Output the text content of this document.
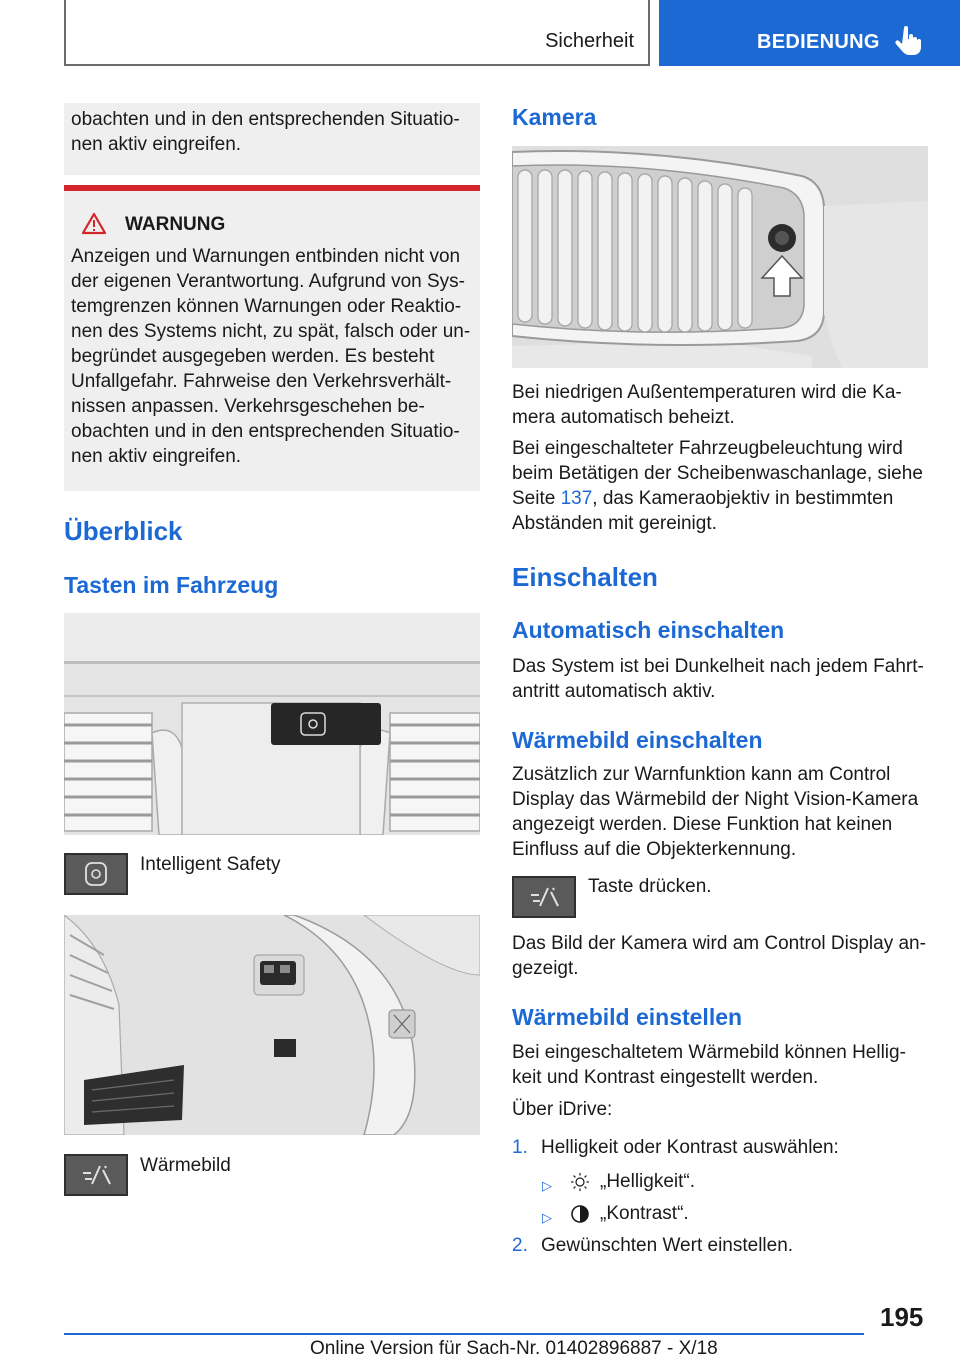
Sicherheit	BEDIENUNG

obachten und in den entsprechenden Situationen aktiv eingreifen.

WARNUNG

Anzeigen und Warnungen entbinden nicht von der eigenen Verantwortung. Aufgrund von Systemgrenzen können Warnungen oder Reaktionen des Systems nicht, zu spät, falsch oder unbegründet ausgegeben werden. Es besteht Unfallgefahr. Fahrweise den Verkehrsverhältnissen anpassen. Verkehrsgeschehen beobachten und in den entsprechenden Situationen aktiv eingreifen.

Überblick
Tasten im Fahrzeug
Intelligent Safety
Wärmebild
Kamera

Bei niedrigen Außentemperaturen wird die Kamera automatisch beheizt.

Bei eingeschalteter Fahrzeugbeleuchtung wird beim Betätigen der Scheibenwaschanlage, siehe Seite 137, das Kameraobjektiv in bestimmten Abständen mit gereinigt.

Einschalten
Automatisch einschalten

Das System ist bei Dunkelheit nach jedem Fahrtantritt automatisch aktiv.

Wärmebild einschalten

Zusätzlich zur Warnfunktion kann am Control Display das Wärmebild der Night Vision-Kamera angezeigt werden. Diese Funktion hat keinen Einfluss auf die Objekterkennung.

Taste drücken.

Das Bild der Kamera wird am Control Display angezeigt.

Wärmebild einstellen

Bei eingeschaltetem Wärmebild können Helligkeit und Kontrast eingestellt werden.

Über iDrive:

1. Helligkeit oder Kontrast auswählen:
▷	„Helligkeit“.
▷	„Kontrast“.
2. Gewünschten Wert einstellen.
195
Online Version für Sach-Nr. 01402896887 - X/18
